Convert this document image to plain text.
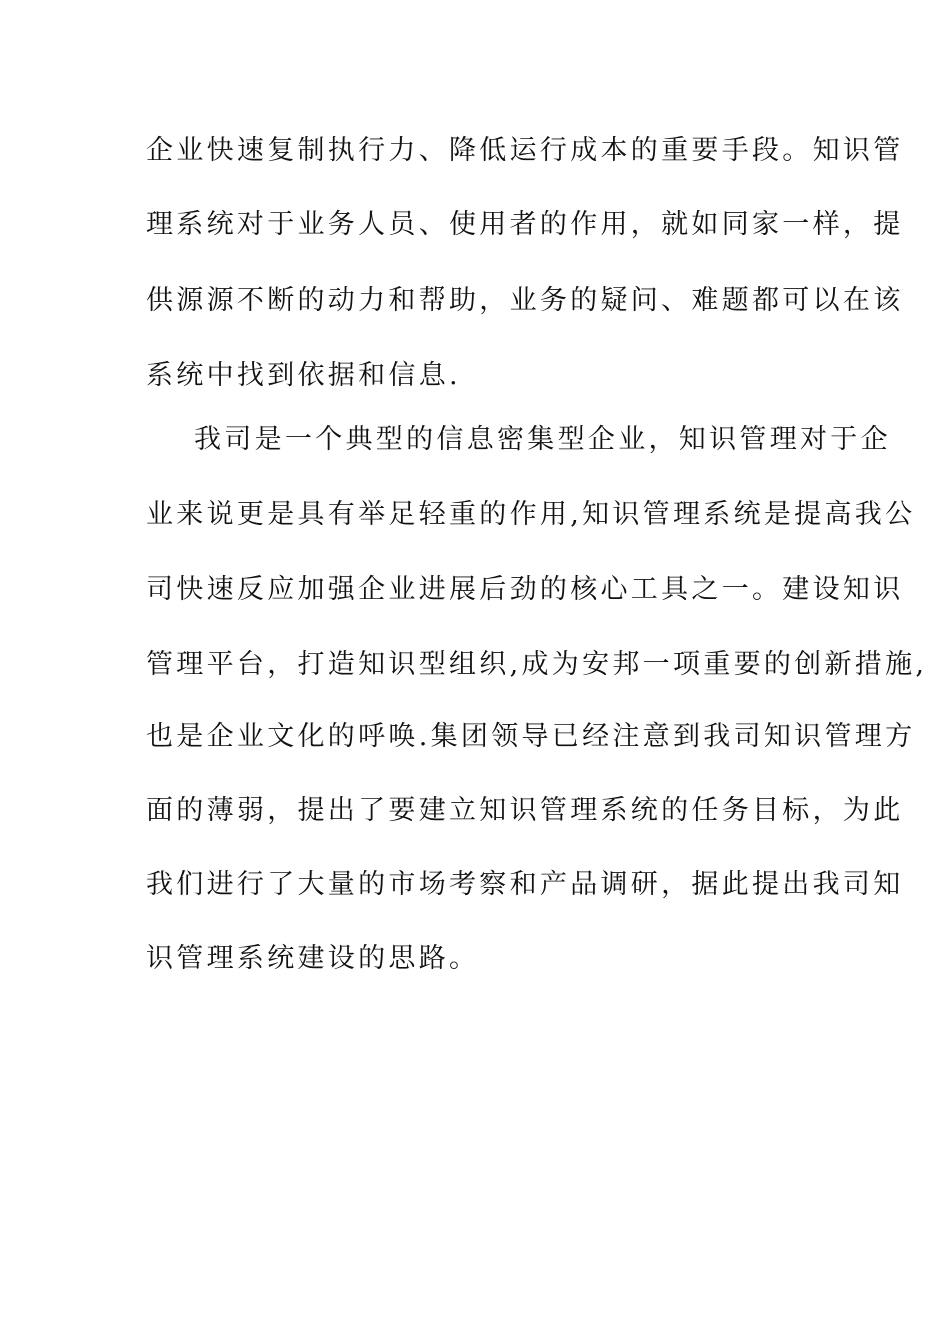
企业快速复制执行力、降低运行成本的重要手段。知识管
理系统对于业务人员、使用者的作用，就如同家一样，提
供源源不断的动力和帮助，业务的疑问、难题都可以在该
系统中找到依据和信息.
我司是一个典型的信息密集型企业，知识管理对于企
业来说更是具有举足轻重的作用,知识管理系统是提高我公
司快速反应加强企业进展后劲的核心工具之一。建设知识
管理平台，打造知识型组织,成为安邦一项重要的创新措施,
也是企业文化的呼唤.集团领导已经注意到我司知识管理方
面的薄弱，提出了要建立知识管理系统的任务目标，为此
我们进行了大量的市场考察和产品调研，据此提出我司知
识管理系统建设的思路。
